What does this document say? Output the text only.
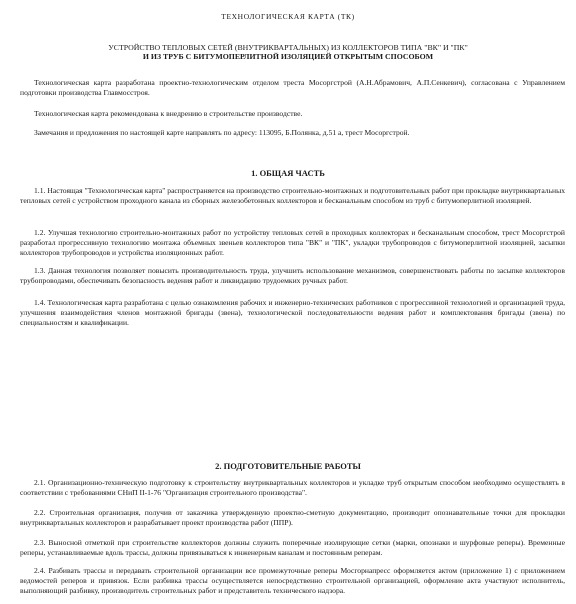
ТЕХНОЛОГИЧЕСКАЯ КАРТА (ТК)
УСТРОЙСТВО ТЕПЛОВЫХ СЕТЕЙ (ВНУТРИКВАРТАЛЬНЫХ) ИЗ КОЛЛЕКТОРОВ ТИПА "ВК" И "ПК"
И ИЗ ТРУБ С БИТУМОПЕРЛИТНОЙ ИЗОЛЯЦИЕЙ ОТКРЫТЫМ СПОСОБОМ
Технологическая карта разработана проектно-технологическим отделом треста Мосоргстрой (А.Н.Абрамович, А.П.Сенкевич), согласована с Управлением подготовки производства Главмосстроя.
Технологическая карта рекомендована к внедрению в строительстве производстве.
Замечания и предложения по настоящей карте направлять по адресу: 113095, Б.Полянка, д.51 а, трест Мосоргстрой.
1. ОБЩАЯ ЧАСТЬ
1.1. Настоящая "Технологическая карта" распространяется на производство строительно-монтажных и подготовительных работ при прокладке внутриквартальных тепловых сетей с устройством проходного канала из сборных железобетонных коллекторов и бесканальным способом из труб с битумоперлитной изоляцией.
1.2. Улучшая технологию строительно-монтажных работ по устройству тепловых сетей в проходных коллекторах и бесканальным способом, трест Мосоргстрой разработал прогрессивную технологию монтажа объемных звеньев коллекторов типа "ВК" и "ПК", укладки трубопроводов с битумоперлитной изоляцией, засыпки коллекторов трубопроводов и устройства изоляционных работ.
1.3. Данная технология позволяет повысить производительность труда, улучшить использование механизмов, совершенствовать работы по засыпке коллекторов трубопроводами, обеспечивать безопасность ведения работ и ликвидацию трудоемких ручных работ.
1.4. Технологическая карта разработана с целью ознакомления рабочих и инженерно-технических работников с прогрессивной технологией и организацией труда, улучшения взаимодействия членов монтажной бригады (звена), технологической последовательности ведения работ и комплектования бригады (звена) по специальностям и квалификации.
2. ПОДГОТОВИТЕЛЬНЫЕ РАБОТЫ
2.1. Организационно-техническую подготовку к строительству внутриквартальных коллекторов и укладке труб открытым способом необходимо осуществлять в соответствии с требованиями СНиП II-1-76 "Организация строительного производства".
2.2. Строительная организация, получив от заказчика утвержденную проектно-сметную документацию, производит опознавательные точки для прокладки внутриквартальных коллекторов и разрабатывает проект производства работ (ППР).
2.3. Выносной отметкой при строительстве коллекторов должны служить поперечные изолирующие сетки (марки, опознаки и шурфовые реперы). Временные реперы, устанавливаемые вдоль трассы, должны привязываться к инженерным каналам и постоянным реперам.
2.4. Разбивать трассы и передавать строительной организации все промежуточные реперы Мосгорнапресс оформляется актом (приложение 1) с приложением ведомостей реперов и привязок. Если разбивка трассы осуществляется непосредственно строительной организацией, оформление акта участвуют исполнитель, выполняющий разбивку, производитель строительных работ и представитель технического надзора.
